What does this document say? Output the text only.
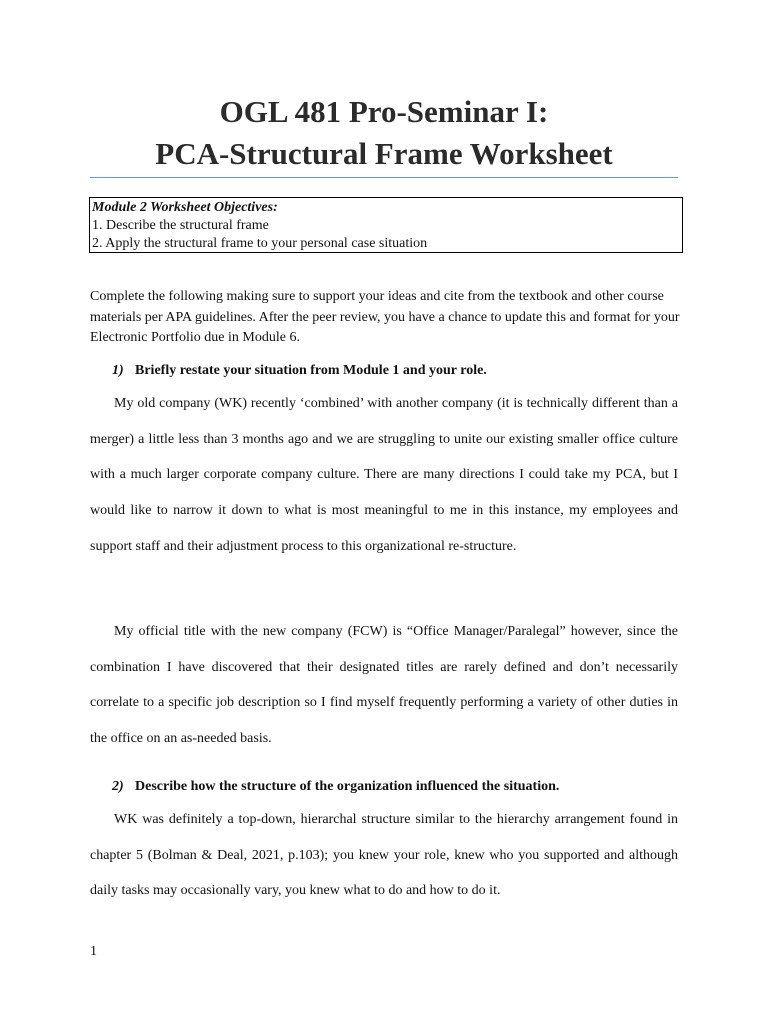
OGL 481 Pro-Seminar I:
PCA-Structural Frame Worksheet
Module 2 Worksheet Objectives:
1. Describe the structural frame
2. Apply the structural frame to your personal case situation

Complete the following making sure to support your ideas and cite from the textbook and other course materials per APA guidelines. After the peer review, you have a chance to update this and format for your Electronic Portfolio due in Module 6.

1) Briefly restate your situation from Module 1 and your role.

My old company (WK) recently ‘combined’ with another company (it is technically different than a merger) a little less than 3 months ago and we are struggling to unite our existing smaller office culture with a much larger corporate company culture. There are many directions I could take my PCA, but I would like to narrow it down to what is most meaningful to me in this instance, my employees and support staff and their adjustment process to this organizational re-structure.

My official title with the new company (FCW) is “Office Manager/Paralegal” however, since the combination I have discovered that their designated titles are rarely defined and don’t necessarily correlate to a specific job description so I find myself frequently performing a variety of other duties in the office on an as-needed basis.

2) Describe how the structure of the organization influenced the situation.

WK was definitely a top-down, hierarchal structure similar to the hierarchy arrangement found in chapter 5 (Bolman & Deal, 2021, p.103); you knew your role, knew who you supported and although daily tasks may occasionally vary, you knew what to do and how to do it.

1
